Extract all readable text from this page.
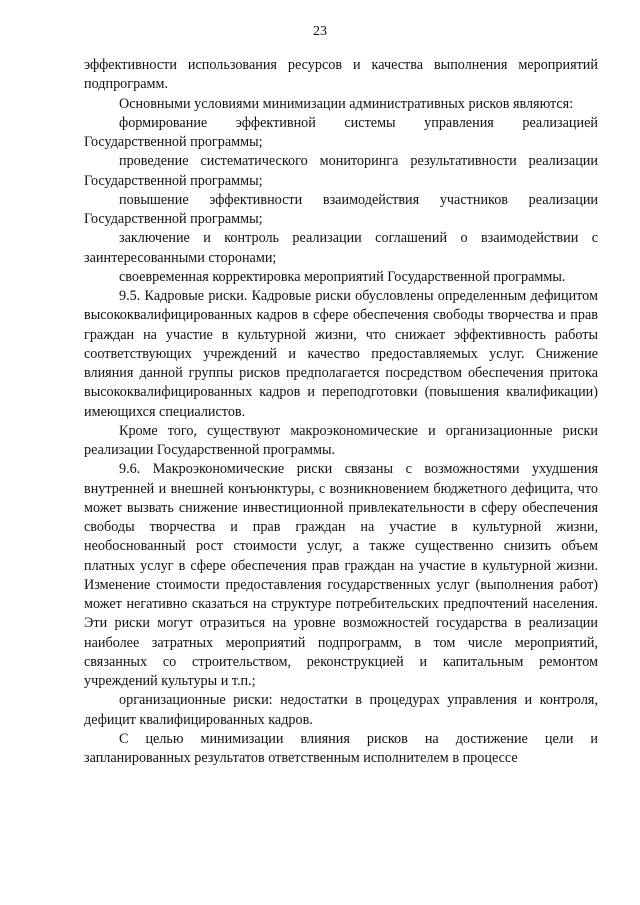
23

эффективности использования ресурсов и качества выполнения мероприятий подпрограмм.

Основными условиями минимизации административных рисков являются:

формирование эффективной системы управления реализацией Государственной программы;

проведение систематического мониторинга результативности реализации Государственной программы;

повышение эффективности взаимодействия участников реализации Государственной программы;

заключение и контроль реализации соглашений о взаимодействии с заинтересованными сторонами;

своевременная корректировка мероприятий Государственной программы.

9.5. Кадровые риски. Кадровые риски обусловлены определенным дефицитом высококвалифицированных кадров в сфере обеспечения свободы творчества и прав граждан на участие в культурной жизни, что снижает эффективность работы соответствующих учреждений и качество предоставляемых услуг. Снижение влияния данной группы рисков предполагается посредством обеспечения притока высококвалифицированных кадров и переподготовки (повышения квалификации) имеющихся специалистов.

Кроме того, существуют макроэкономические и организационные риски реализации Государственной программы.

9.6. Макроэкономические риски связаны с возможностями ухудшения внутренней и внешней конъюнктуры, с возникновением бюджетного дефицита, что может вызвать снижение инвестиционной привлекательности в сферу обеспечения свободы творчества и прав граждан на участие в культурной жизни, необоснованный рост стоимости услуг, а также существенно снизить объем платных услуг в сфере обеспечения прав граждан на участие в культурной жизни. Изменение стоимости предоставления государственных услуг (выполнения работ) может негативно сказаться на структуре потребительских предпочтений населения. Эти риски могут отразиться на уровне возможностей государства в реализации наиболее затратных мероприятий подпрограмм, в том числе мероприятий, связанных со строительством, реконструкцией и капитальным ремонтом учреждений культуры и т.п.;

организационные риски: недостатки в процедурах управления и контроля, дефицит квалифицированных кадров.

С целью минимизации влияния рисков на достижение цели и запланированных результатов ответственным исполнителем в процессе
